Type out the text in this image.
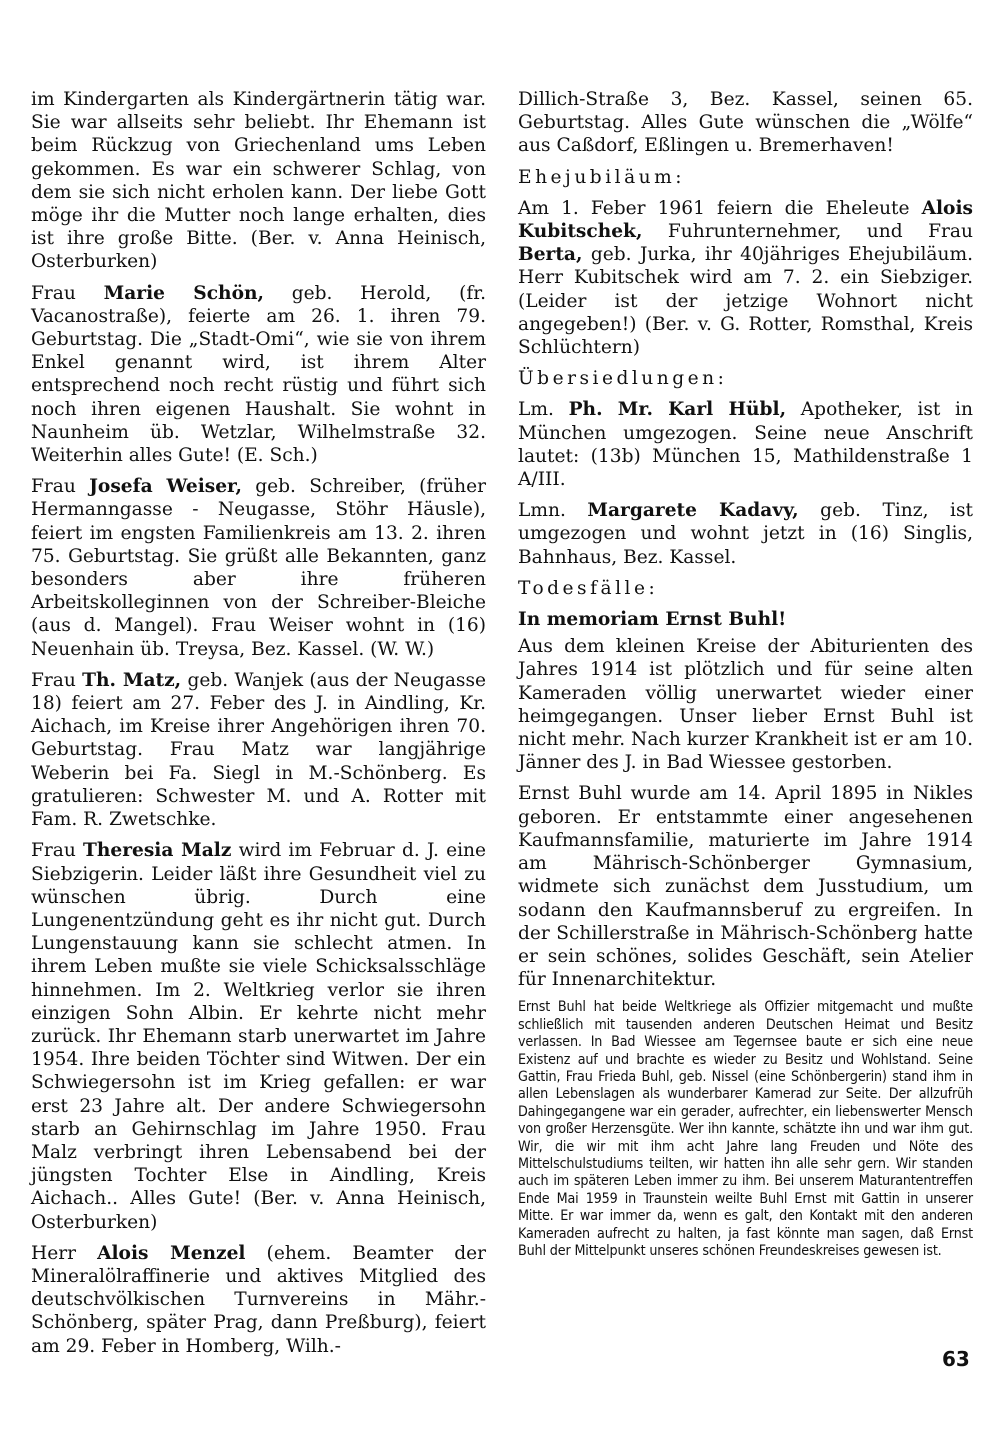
im Kindergarten als Kindergärtnerin tätig war. Sie war allseits sehr beliebt. Ihr Ehemann ist beim Rückzug von Griechenland ums Leben gekommen. Es war ein schwerer Schlag, von dem sie sich nicht erholen kann. Der liebe Gott möge ihr die Mutter noch lange erhalten, dies ist ihre große Bitte. (Ber. v. Anna Heinisch, Osterburken)

Frau Marie Schön, geb. Herold, (fr. Vacanostraße), feierte am 26. 1. ihren 79. Geburtstag. Die „Stadt-Omi“, wie sie von ihrem Enkel genannt wird, ist ihrem Alter entsprechend noch recht rüstig und führt sich noch ihren eigenen Haushalt. Sie wohnt in Naunheim üb. Wetzlar, Wilhelmstraße 32. Weiterhin alles Gute! (E. Sch.)

Frau Josefa Weiser, geb. Schreiber, (früher Hermanngasse - Neugasse, Stöhr Häusle), feiert im engsten Familienkreis am 13. 2. ihren 75. Geburtstag. Sie grüßt alle Bekannten, ganz besonders aber ihre früheren Arbeitskolleginnen von der Schreiber-Bleiche (aus d. Mangel). Frau Weiser wohnt in (16) Neuenhain üb. Treysa, Bez. Kassel. (W. W.)

Frau Th. Matz, geb. Wanjek (aus der Neugasse 18) feiert am 27. Feber des J. in Aindling, Kr. Aichach, im Kreise ihrer Angehörigen ihren 70. Geburtstag. Frau Matz war langjährige Weberin bei Fa. Siegl in M.-Schönberg. Es gratulieren: Schwester M. und A. Rotter mit Fam. R. Zwetschke.

Frau Theresia Malz wird im Februar d. J. eine Siebzigerin. Leider läßt ihre Gesundheit viel zu wünschen übrig. Durch eine Lungenentzündung geht es ihr nicht gut. Durch Lungenstauung kann sie schlecht atmen. In ihrem Leben mußte sie viele Schicksalsschläge hinnehmen. Im 2. Weltkrieg verlor sie ihren einzigen Sohn Albin. Er kehrte nicht mehr zurück. Ihr Ehemann starb unerwartet im Jahre 1954. Ihre beiden Töchter sind Witwen. Der ein Schwiegersohn ist im Krieg gefallen: er war erst 23 Jahre alt. Der andere Schwiegersohn starb an Gehirnschlag im Jahre 1950. Frau Malz verbringt ihren Lebensabend bei der jüngsten Tochter Else in Aindling, Kreis Aichach.. Alles Gute! (Ber. v. Anna Heinisch, Osterburken)

Herr Alois Menzel (ehem. Beamter der Mineralölraffinerie und aktives Mitglied des deutschvölkischen Turnvereins in Mähr.-Schönberg, später Prag, dann Preßburg), feiert am 29. Feber in Homberg, Wilh.-

Dillich-Straße 3, Bez. Kassel, seinen 65. Geburtstag. Alles Gute wünschen die „Wölfe“ aus Caßdorf, Eßlingen u. Bremerhaven!

Ehejubiläum:

Am 1. Feber 1961 feiern die Eheleute Alois Kubitschek, Fuhrunternehmer, und Frau Berta, geb. Jurka, ihr 40jähriges Ehejubiläum. Herr Kubitschek wird am 7. 2. ein Siebziger. (Leider ist der jetzige Wohnort nicht angegeben!) (Ber. v. G. Rotter, Romsthal, Kreis Schlüchtern)

Übersiedlungen:

Lm. Ph. Mr. Karl Hübl, Apotheker, ist in München umgezogen. Seine neue Anschrift lautet: (13b) München 15, Mathildenstraße 1 A/III.

Lmn. Margarete Kadavy, geb. Tinz, ist umgezogen und wohnt jetzt in (16) Singlis, Bahnhaus, Bez. Kassel.

Todesfälle:
In memoriam Ernst Buhl!

Aus dem kleinen Kreise der Abiturienten des Jahres 1914 ist plötzlich und für seine alten Kameraden völlig unerwartet wieder einer heimgegangen. Unser lieber Ernst Buhl ist nicht mehr. Nach kurzer Krankheit ist er am 10. Jänner des J. in Bad Wiessee gestorben.

Ernst Buhl wurde am 14. April 1895 in Nikles geboren. Er entstammte einer angesehenen Kaufmannsfamilie, maturierte im Jahre 1914 am Mährisch-Schönberger Gymnasium, widmete sich zunächst dem Jusstudium, um sodann den Kaufmannsberuf zu ergreifen. In der Schillerstraße in Mährisch-Schönberg hatte er sein schönes, solides Geschäft, sein Atelier für Innenarchitektur.

Ernst Buhl hat beide Weltkriege als Offizier mitgemacht und mußte schließlich mit tausenden anderen Deutschen Heimat und Besitz verlassen. In Bad Wiessee am Tegernsee baute er sich eine neue Existenz auf und brachte es wieder zu Besitz und Wohlstand. Seine Gattin, Frau Frieda Buhl, geb. Nissel (eine Schönbergerin) stand ihm in allen Lebenslagen als wunderbarer Kamerad zur Seite. Der allzufrüh Dahingegangene war ein gerader, aufrechter, ein liebenswerter Mensch von großer Herzensgüte. Wer ihn kannte, schätzte ihn und war ihm gut. Wir, die wir mit ihm acht Jahre lang Freuden und Nöte des Mittelschulstudiums teilten, wir hatten ihn alle sehr gern. Wir standen auch im späteren Leben immer zu ihm. Bei unserem Maturantentreffen Ende Mai 1959 in Traunstein weilte Buhl Ernst mit Gattin in unserer Mitte. Er war immer da, wenn es galt, den Kontakt mit den anderen Kameraden aufrecht zu halten, ja fast könnte man sagen, daß Ernst Buhl der Mittelpunkt unseres schönen Freundeskreises gewesen ist.

63
